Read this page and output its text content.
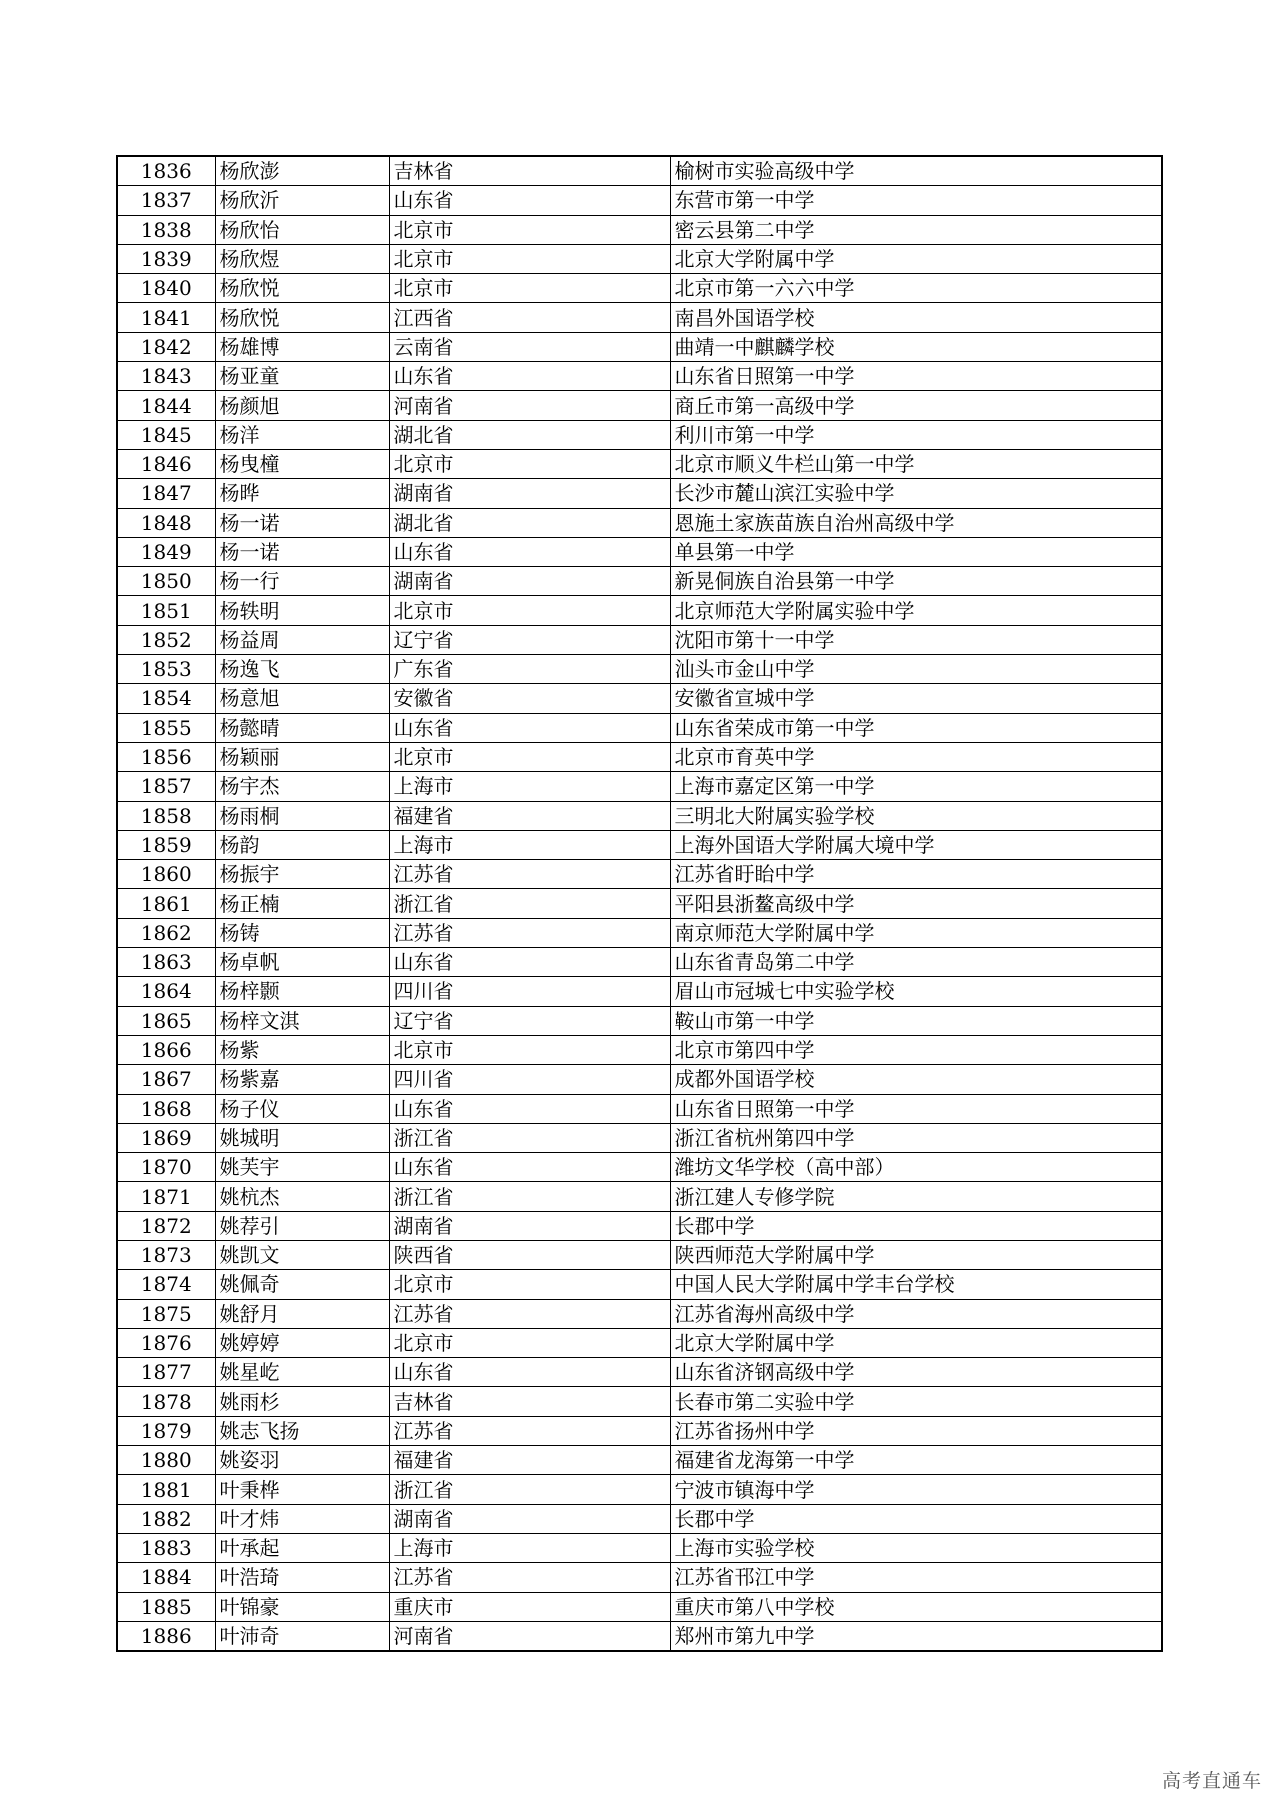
1836	杨欣澎	吉林省	榆树市实验高级中学
1837	杨欣沂	山东省	东营市第一中学
1838	杨欣怡	北京市	密云县第二中学
1839	杨欣煜	北京市	北京大学附属中学
1840	杨欣悦	北京市	北京市第一六六中学
1841	杨欣悦	江西省	南昌外国语学校
1842	杨雄博	云南省	曲靖一中麒麟学校
1843	杨亚童	山东省	山东省日照第一中学
1844	杨颜旭	河南省	商丘市第一高级中学
1845	杨洋	湖北省	利川市第一中学
1846	杨曳橦	北京市	北京市顺义牛栏山第一中学
1847	杨晔	湖南省	长沙市麓山滨江实验中学
1848	杨一诺	湖北省	恩施土家族苗族自治州高级中学
1849	杨一诺	山东省	单县第一中学
1850	杨一行	湖南省	新晃侗族自治县第一中学
1851	杨轶明	北京市	北京师范大学附属实验中学
1852	杨益周	辽宁省	沈阳市第十一中学
1853	杨逸飞	广东省	汕头市金山中学
1854	杨意旭	安徽省	安徽省宣城中学
1855	杨懿晴	山东省	山东省荣成市第一中学
1856	杨颖丽	北京市	北京市育英中学
1857	杨宇杰	上海市	上海市嘉定区第一中学
1858	杨雨桐	福建省	三明北大附属实验学校
1859	杨韵	上海市	上海外国语大学附属大境中学
1860	杨振宇	江苏省	江苏省盱眙中学
1861	杨正楠	浙江省	平阳县浙鳌高级中学
1862	杨铸	江苏省	南京师范大学附属中学
1863	杨卓帆	山东省	山东省青岛第二中学
1864	杨梓颢	四川省	眉山市冠城七中实验学校
1865	杨梓文淇	辽宁省	鞍山市第一中学
1866	杨紫	北京市	北京市第四中学
1867	杨紫嘉	四川省	成都外国语学校
1868	杨子仪	山东省	山东省日照第一中学
1869	姚城明	浙江省	浙江省杭州第四中学
1870	姚芙宇	山东省	潍坊文华学校（高中部）
1871	姚杭杰	浙江省	浙江建人专修学院
1872	姚荐引	湖南省	长郡中学
1873	姚凯文	陕西省	陕西师范大学附属中学
1874	姚佩奇	北京市	中国人民大学附属中学丰台学校
1875	姚舒月	江苏省	江苏省海州高级中学
1876	姚婷婷	北京市	北京大学附属中学
1877	姚星屹	山东省	山东省济钢高级中学
1878	姚雨杉	吉林省	长春市第二实验中学
1879	姚志飞扬	江苏省	江苏省扬州中学
1880	姚姿羽	福建省	福建省龙海第一中学
1881	叶秉桦	浙江省	宁波市镇海中学
1882	叶才炜	湖南省	长郡中学
1883	叶承起	上海市	上海市实验学校
1884	叶浩琦	江苏省	江苏省邗江中学
1885	叶锦豪	重庆市	重庆市第八中学校
1886	叶沛奇	河南省	郑州市第九中学
高考直通车
